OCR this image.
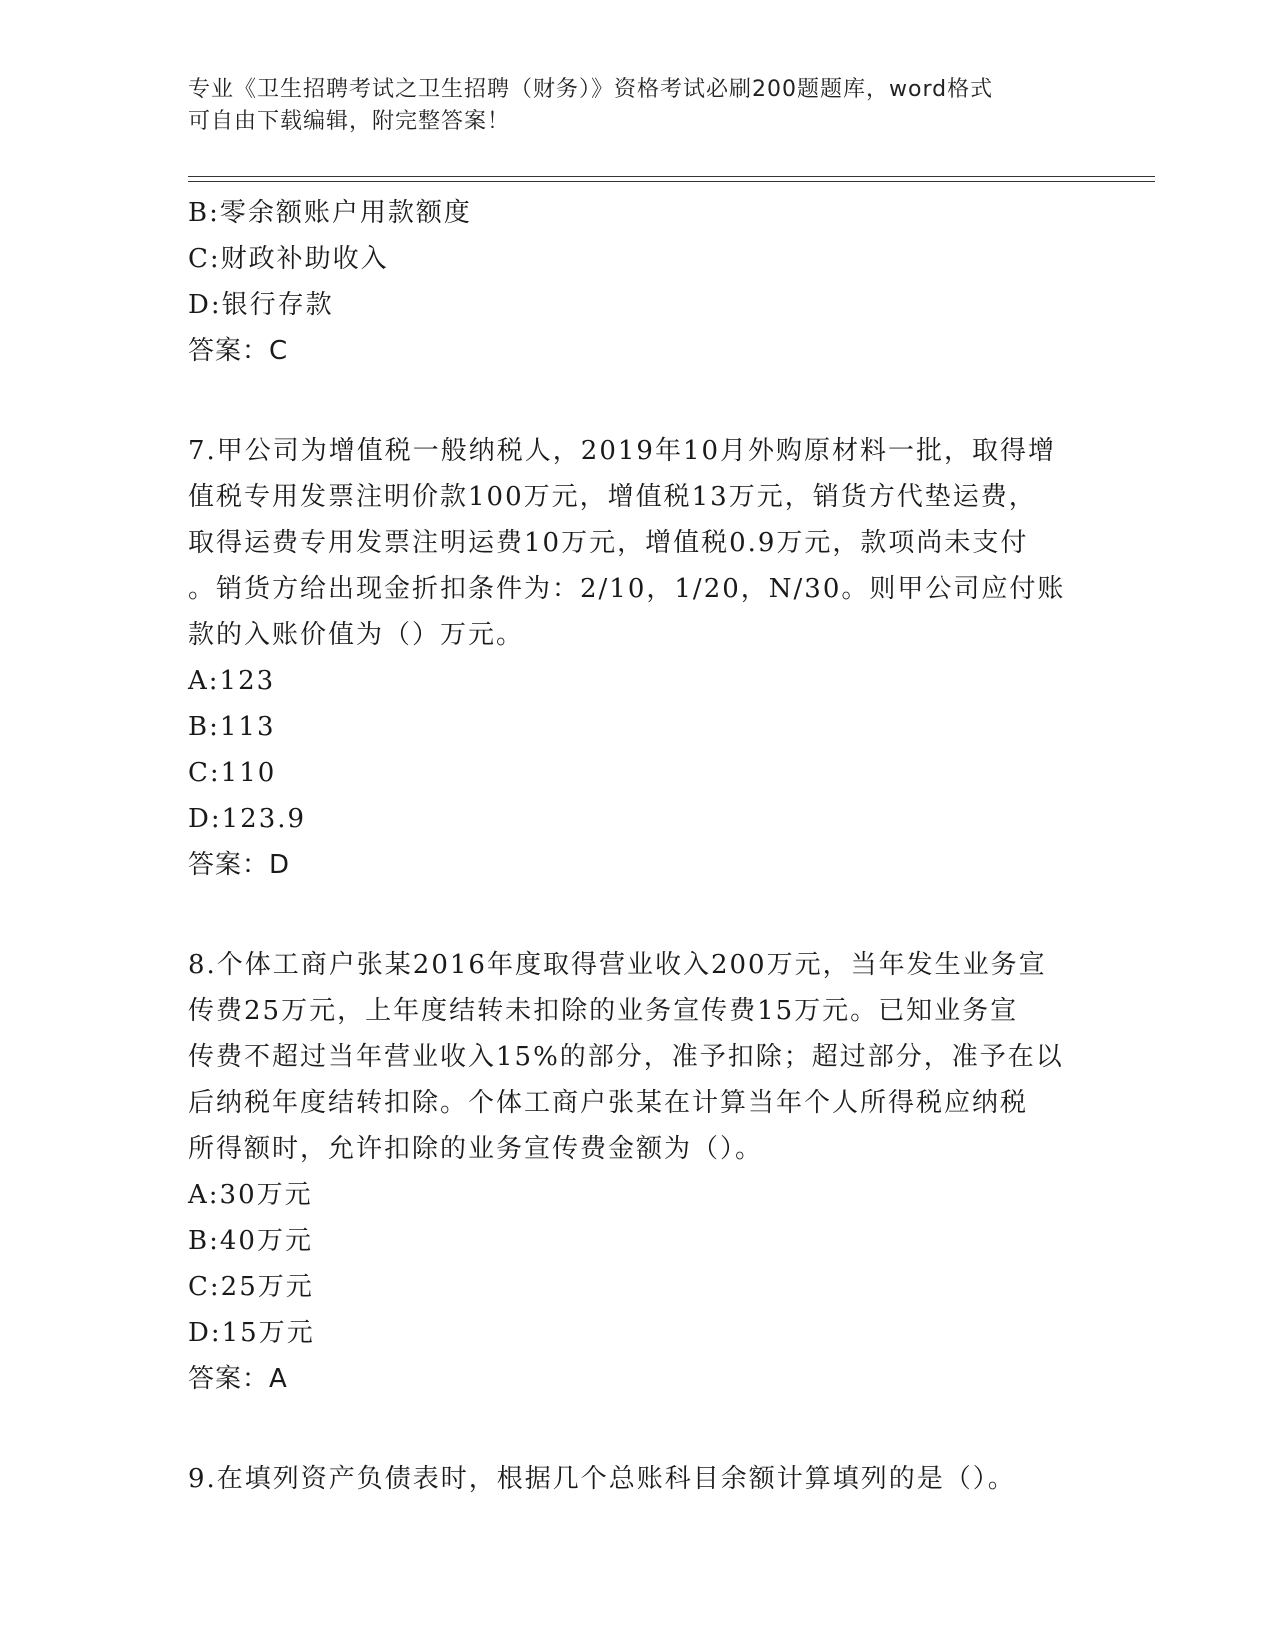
专业《卫生招聘考试之卫生招聘（财务）》资格考试必刷200题题库，word格式

可自由下载编辑，附完整答案！

B:零余额账户用款额度
C:财政补助收入
D:银行存款
答案：C
7.甲公司为增值税一般纳税人，2019年10月外购原材料一批，取得增
值税专用发票注明价款100万元，增值税13万元，销货方代垫运费，
取得运费专用发票注明运费10万元，增值税0.9万元，款项尚未支付
。销货方给出现金折扣条件为：2/10，1/20，N/30。则甲公司应付账
款的入账价值为（）万元。
A:123
B:113
C:110
D:123.9
答案：D
8.个体工商户张某2016年度取得营业收入200万元，当年发生业务宣
传费25万元，上年度结转未扣除的业务宣传费15万元。已知业务宣
传费不超过当年营业收入15%的部分，准予扣除；超过部分，准予在以
后纳税年度结转扣除。个体工商户张某在计算当年个人所得税应纳税
所得额时，允许扣除的业务宣传费金额为（）。
A:30万元
B:40万元
C:25万元
D:15万元
答案：A
9.在填列资产负债表时，根据几个总账科目余额计算填列的是（）。
